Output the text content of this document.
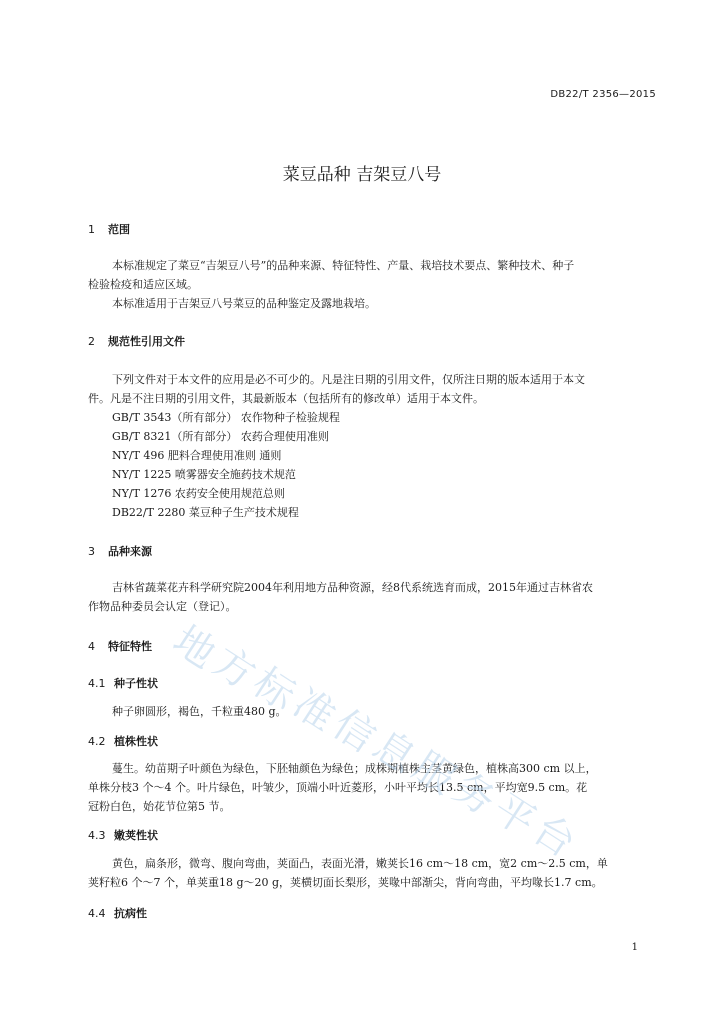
DB22/T 2356—2015
菜豆品种 吉架豆八号
1 范围
本标准规定了菜豆“吉架豆八号”的品种来源、特征特性、产量、栽培技术要点、繁种技术、种子
检验检疫和适应区域。
本标准适用于吉架豆八号菜豆的品种鉴定及露地栽培。
2 规范性引用文件
下列文件对于本文件的应用是必不可少的。凡是注日期的引用文件，仅所注日期的版本适用于本文
件。凡是不注日期的引用文件，其最新版本（包括所有的修改单）适用于本文件。
GB/T 3543（所有部分） 农作物种子检验规程
GB/T 8321（所有部分） 农药合理使用准则
NY/T 496 肥料合理使用准则 通则
NY/T 1225 喷雾器安全施药技术规范
NY/T 1276 农药安全使用规范总则
DB22/T 2280 菜豆种子生产技术规程
3 品种来源
吉林省蔬菜花卉科学研究院2004年利用地方品种资源，经8代系统选育而成，2015年通过吉林省农
作物品种委员会认定（登记）。
4 特征特性
4.1 种子性状
种子卵圆形，褐色，千粒重480 g。
4.2 植株性状
蔓生。幼苗期子叶颜色为绿色，下胚轴颜色为绿色；成株期植株主茎黄绿色，植株高300 cm 以上，
单株分枝3 个～4 个。叶片绿色，叶皱少，顶端小叶近菱形，小叶平均长13.5 cm，平均宽9.5 cm。花
冠粉白色，始花节位第5 节。
4.3 嫩荚性状
黄色，扁条形，微弯、腹向弯曲，荚面凸，表面光滑，嫩荚长16 cm～18 cm，宽2 cm～2.5 cm，单
荚籽粒6 个～7 个，单荚重18 g～20 g，荚横切面长梨形，荚喙中部渐尖，背向弯曲，平均喙长1.7 cm。
4.4 抗病性
1
地
方
标
准
信
息
服
务
平
台
